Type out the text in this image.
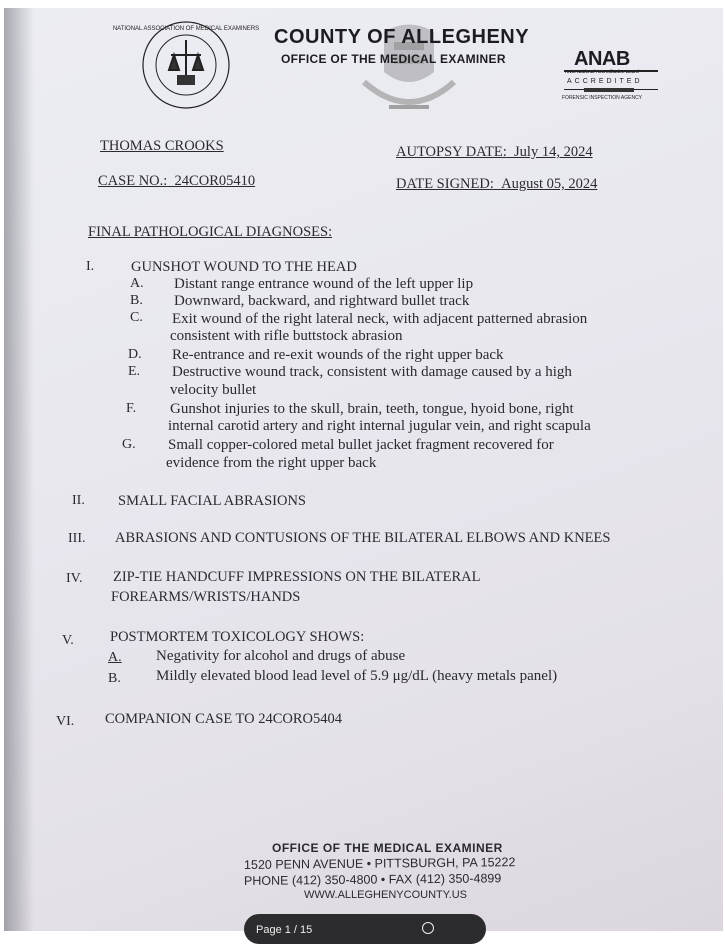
NATIONAL ASSOCIATION OF MEDICAL EXAMINERS COUNTY OF ALLEGHENY
OFFICE OF THE MEDICAL EXAMINER	ANAB
ANSI National Accreditation Board
ACCREDITED
FORENSIC INSPECTION AGENCY
THOMAS CROOKS	AUTOPSY DATE: July 14, 2024
CASE NO.: 24COR05410	DATE SIGNED: August 05, 2024
FINAL PATHOLOGICAL DIAGNOSES:
I.	GUNSHOT WOUND TO THE HEAD
A. Distant range entrance wound of the left upper lip
B. Downward, backward, and rightward bullet track
C. Exit wound of the right lateral neck, with adjacent patterned abrasion
consistent with rifle buttstock abrasion
D. Re-entrance and re-exit wounds of the right upper back
E. Destructive wound track, consistent with damage caused by a high
velocity bullet
F. Gunshot injuries to the skull, brain, teeth, tongue, hyoid bone, right
internal carotid artery and right internal jugular vein, and right scapula
G. Small copper-colored metal bullet jacket fragment recovered for
evidence from the right upper back
II. SMALL FACIAL ABRASIONS
III. ABRASIONS AND CONTUSIONS OF THE BILATERAL ELBOWS AND KNEES
IV. ZIP-TIE HANDCUFF IMPRESSIONS ON THE BILATERAL
FOREARMS/WRISTS/HANDS
V. POSTMORTEM TOXICOLOGY SHOWS:
A. Negativity for alcohol and drugs of abuse
B. Mildly elevated blood lead level of 5.9 μg/dL (heavy metals panel)
VI. COMPANION CASE TO 24CORO5404
OFFICE OF THE MEDICAL EXAMINER
1520 PENN AVENUE • PITTSBURGH, PA 15222
PHONE (412) 350-4800 • FAX (412) 350-4899
WWW.ALLEGHENYCOUNTY.US
Page 1 / 15
